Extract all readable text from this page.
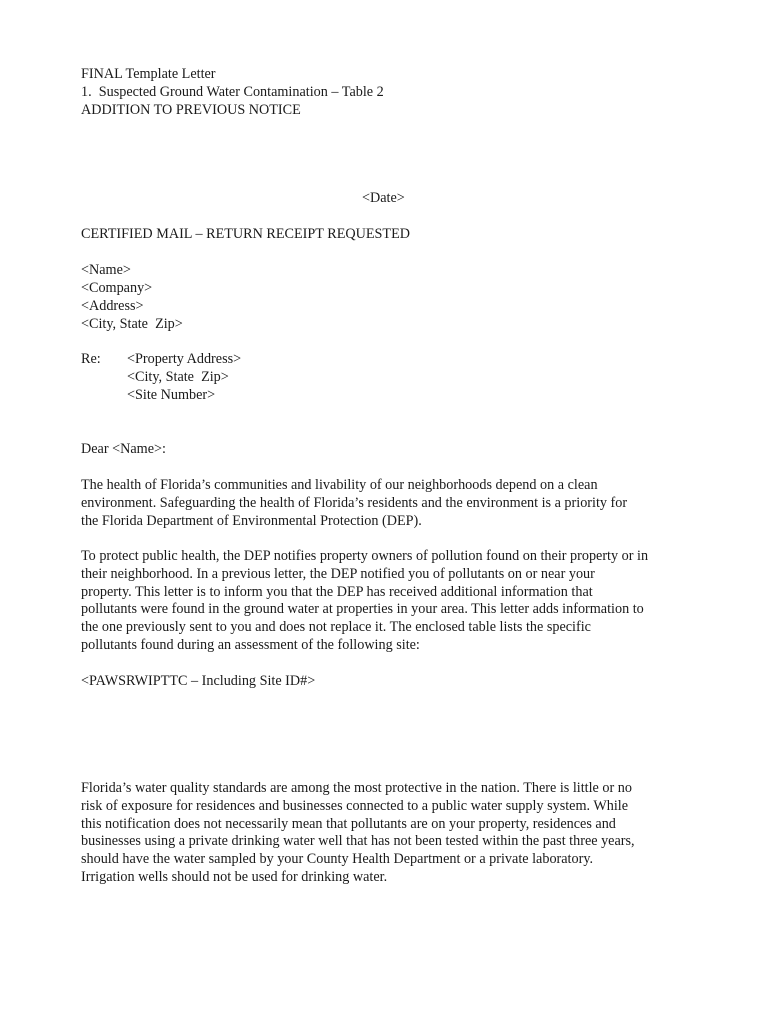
FINAL Template Letter
1.  Suspected Ground Water Contamination – Table 2
ADDITION TO PREVIOUS NOTICE
<Date>
CERTIFIED MAIL – RETURN RECEIPT REQUESTED
<Name>
<Company>
<Address>
<City, State  Zip>
Re: <Property Address>
<City, State  Zip>
<Site Number>
Dear <Name>:

The health of Florida’s communities and livability of our neighborhoods depend on a clean

environment. Safeguarding the health of Florida’s residents and the environment is a priority for

the Florida Department of Environmental Protection (DEP).

To protect public health, the DEP notifies property owners of pollution found on their property or in

their neighborhood. In a previous letter, the DEP notified you of pollutants on or near your

property. This letter is to inform you that the DEP has received additional information that

pollutants were found in the ground water at properties in your area. This letter adds information to

the one previously sent to you and does not replace it. The enclosed table lists the specific

pollutants found during an assessment of the following site:

<PAWSRWIPTTC – Including Site ID#>

Florida’s water quality standards are among the most protective in the nation. There is little or no

risk of exposure for residences and businesses connected to a public water supply system. While

this notification does not necessarily mean that pollutants are on your property, residences and

businesses using a private drinking water well that has not been tested within the past three years,

should have the water sampled by your County Health Department or a private laboratory.

Irrigation wells should not be used for drinking water.
